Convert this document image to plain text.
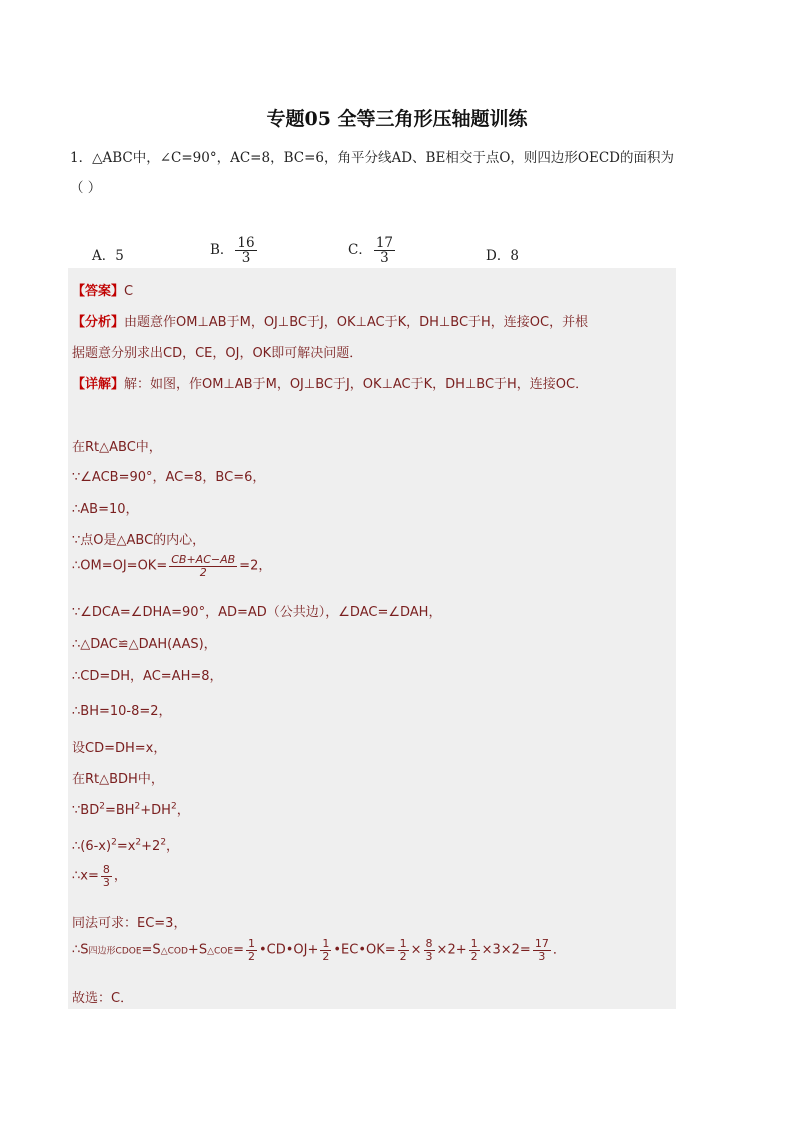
专题05 全等三角形压轴题训练
1．△ABC中，∠C=90°，AC=8，BC=6，角平分线AD、BE相交于点O，则四边形OECD的面积为
（ ）
A．5	B． $\frac{16}{3}$	C． $\frac{17}{3}$	D．8
【答案】C
【分析】由题意作OM⊥AB于M，OJ⊥BC于J，OK⊥AC于K，DH⊥BC于H，连接OC，并根
据题意分别求出CD，CE，OJ，OK即可解决问题．
【详解】解：如图，作OM⊥AB于M，OJ⊥BC于J，OK⊥AC于K，DH⊥BC于H，连接OC．
在Rt△ABC中，
∵∠ACB=90°，AC=8，BC=6，
∴AB=10，
∵点O是△ABC的内心，
∴OM=OJ=OK= $\frac{CB+AC-AB}{2} =2$，
∵∠DCA=∠DHA=90°，AD=AD（公共边），∠DAC=∠DAH，
∴△DAC≌△DAH(AAS)，
∴CD=DH，AC=AH=8，
∴BH=10-8=2，
设CD=DH=x，
在Rt△BDH中，
$\because BD^2=BH^2+DH^2$，
$\therefore(6-x)^2=x^2+2^2$，
∴x= $\frac{8}{3}$ ，
同法可求：EC=3，
∴S四边形CDOE=S△COD+S△COE= $\frac{1}{2}$ •CD•OJ+ $\frac{1}{2}$ •EC•OK= $\frac{1}{2} \times \frac{8}{3} \times 2+ \frac{1}{2} \times 3\times 2= \frac{17}{3}$ ．
故选：C．
